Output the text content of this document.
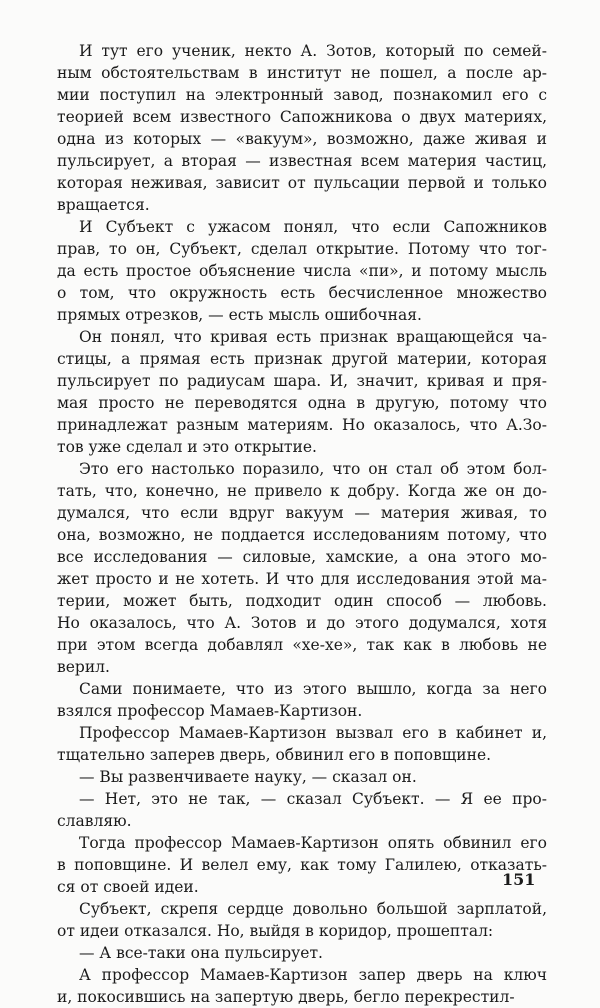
И тут его ученик, некто А. Зотов, который по семей-
ным обстоятельствам в институт не пошел, а после ар-
мии поступил на электронный завод, познакомил его с
теорией всем известного Сапожникова о двух материях,
одна из которых — «вакуум», возможно, даже живая и
пульсирует, а вторая — известная всем материя частиц,
которая неживая, зависит от пульсации первой и только
вращается.
И Субъект с ужасом понял, что если Сапожников
прав, то он, Субъект, сделал открытие. Потому что тог-
да есть простое объяснение числа «пи», и потому мысль
о том, что окружность есть бесчисленное множество
прямых отрезков, — есть мысль ошибочная.
Он понял, что кривая есть признак вращающейся ча-
стицы, а прямая есть признак другой материи, которая
пульсирует по радиусам шара. И, значит, кривая и пря-
мая просто не переводятся одна в другую, потому что
принадлежат разным материям. Но оказалось, что А.Зо-
тов уже сделал и это открытие.
Это его настолько поразило, что он стал об этом бол-
тать, что, конечно, не привело к добру. Когда же он до-
думался, что если вдруг вакуум — материя живая, то
она, возможно, не поддается исследованиям потому, что
все исследования — силовые, хамские, а она этого мо-
жет просто и не хотеть. И что для исследования этой ма-
терии, может быть, подходит один способ — любовь.
Но оказалось, что А. Зотов и до этого додумался, хотя
при этом всегда добавлял «хе-хе», так как в любовь не
верил.
Сами понимаете, что из этого вышло, когда за него
взялся профессор Мамаев-Картизон.
Профессор Мамаев-Картизон вызвал его в кабинет и,
тщательно заперев дверь, обвинил его в поповщине.
— Вы развенчиваете науку, — сказал он.
— Нет, это не так, — сказал Субъект. — Я ее про-
славляю.
Тогда профессор Мамаев-Картизон опять обвинил его
в поповщине. И велел ему, как тому Галилею, отказать-
ся от своей идеи.
Субъект, скрепя сердце довольно большой зарплатой,
от идеи отказался. Но, выйдя в коридор, прошептал:
— А все-таки она пульсирует.
А профессор Мамаев-Картизон запер дверь на ключ
и, покосившись на запертую дверь, бегло перекрестил-
151
